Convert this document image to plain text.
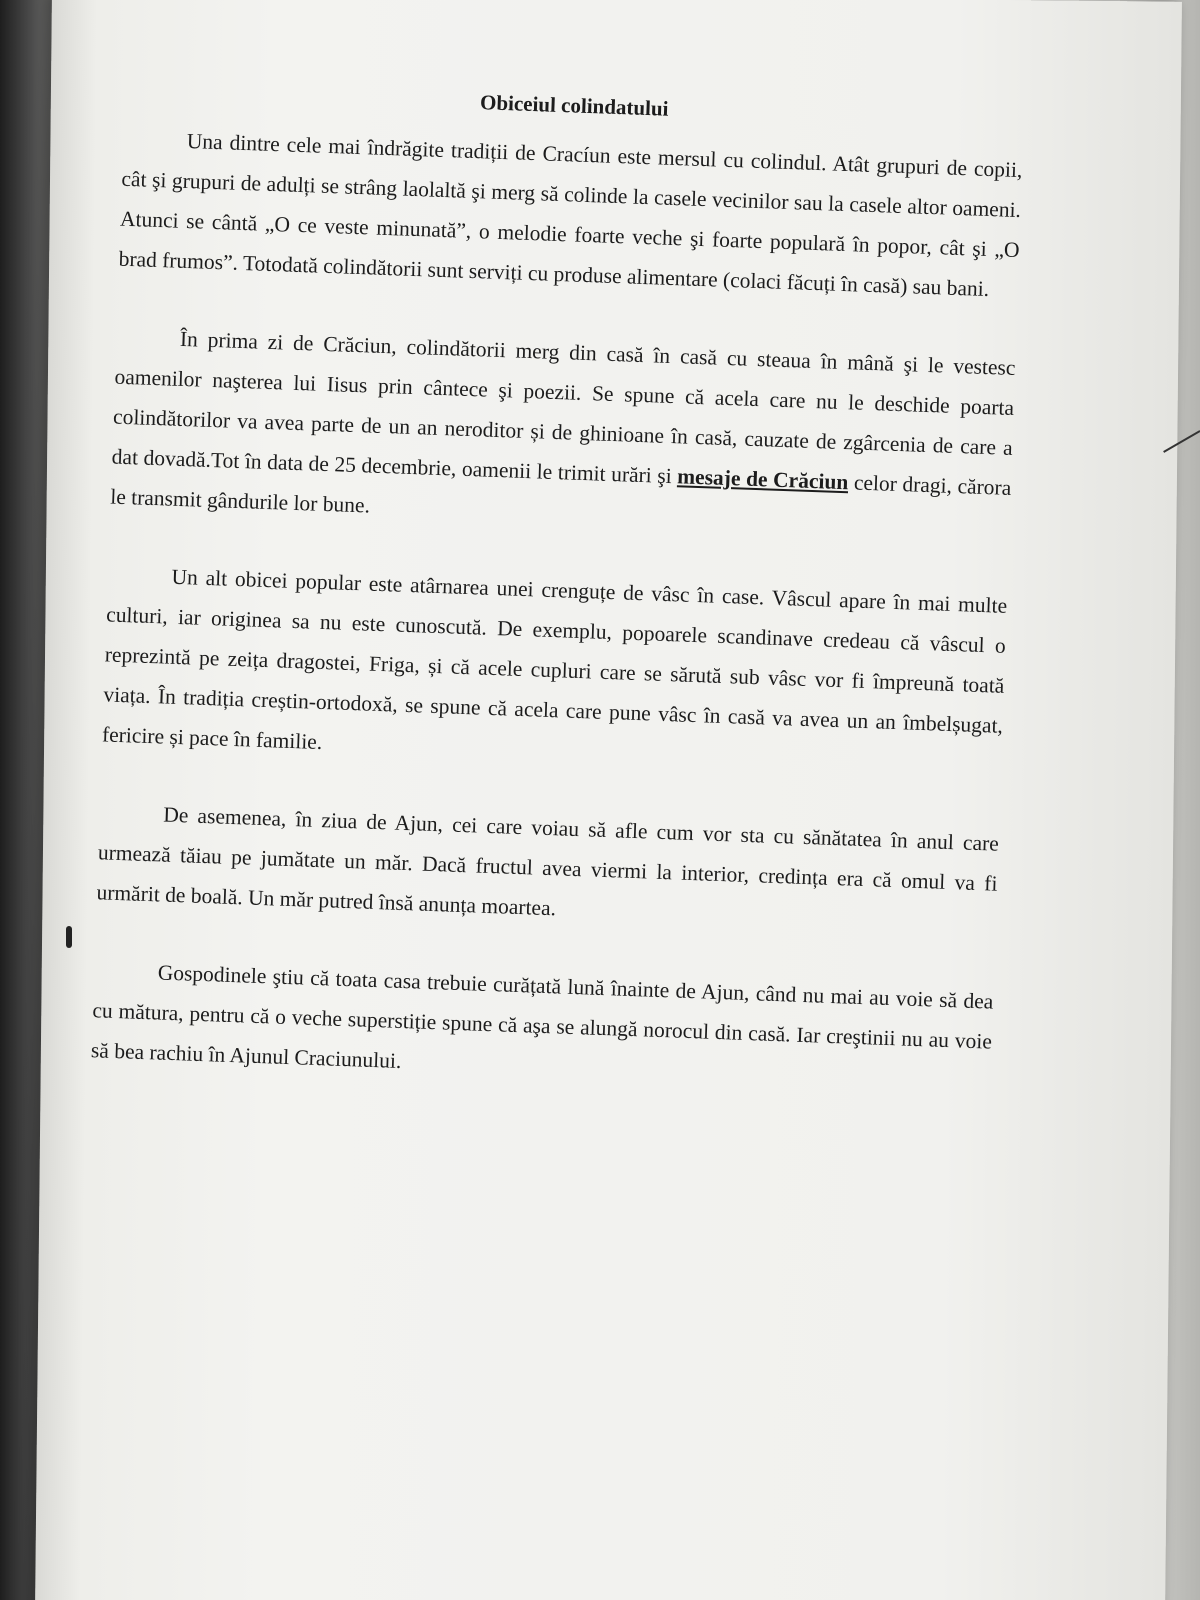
Obiceiul colindatului

Una dintre cele mai îndrăgite tradiții de Cracíun este mersul cu colindul. Atât grupuri de copii, cât şi grupuri de adulți se strâng laolaltă şi merg să colinde la casele vecinilor sau la casele altor oameni. Atunci se cântă „O ce veste minunată”, o melodie foarte veche şi foarte populară în popor, cât şi „O brad frumos”. Totodată colindătorii sunt serviți cu produse alimentare (colaci făcuți în casă) sau bani.

În prima zi de Crăciun, colindătorii merg din casă în casă cu steaua în mână şi le vestesc oamenilor naşterea lui Iisus prin cântece şi poezii. Se spune că acela care nu le deschide poarta colindătorilor va avea parte de un an neroditor și de ghinioane în casă, cauzate de zgârcenia de care a dat dovadă.Tot în data de 25 decembrie, oamenii le trimit urări şi mesaje de Crăciun celor dragi, cărora le transmit gândurile lor bune.

Un alt obicei popular este atârnarea unei crenguțe de vâsc în case. Vâscul apare în mai multe culturi, iar originea sa nu este cunoscută. De exemplu, popoarele scandinave credeau că vâscul o reprezintă pe zeița dragostei, Friga, și că acele cupluri care se sărută sub vâsc vor fi împreună toată viața. În tradiția creștin-ortodoxă, se spune că acela care pune vâsc în casă va avea un an îmbelșugat, fericire și pace în familie.

De asemenea, în ziua de Ajun, cei care voiau să afle cum vor sta cu sănătatea în anul care urmează tăiau pe jumătate un măr. Dacă fructul avea viermi la interior, credința era că omul va fi urmărit de boală. Un măr putred însă anunța moartea.

Gospodinele ştiu că toata casa trebuie curățată lună înainte de Ajun, când nu mai au voie să dea cu mătura, pentru că o veche superstiție spune că aşa se alungă norocul din casă. Iar creştinii nu au voie să bea rachiu în Ajunul Craciunului.
